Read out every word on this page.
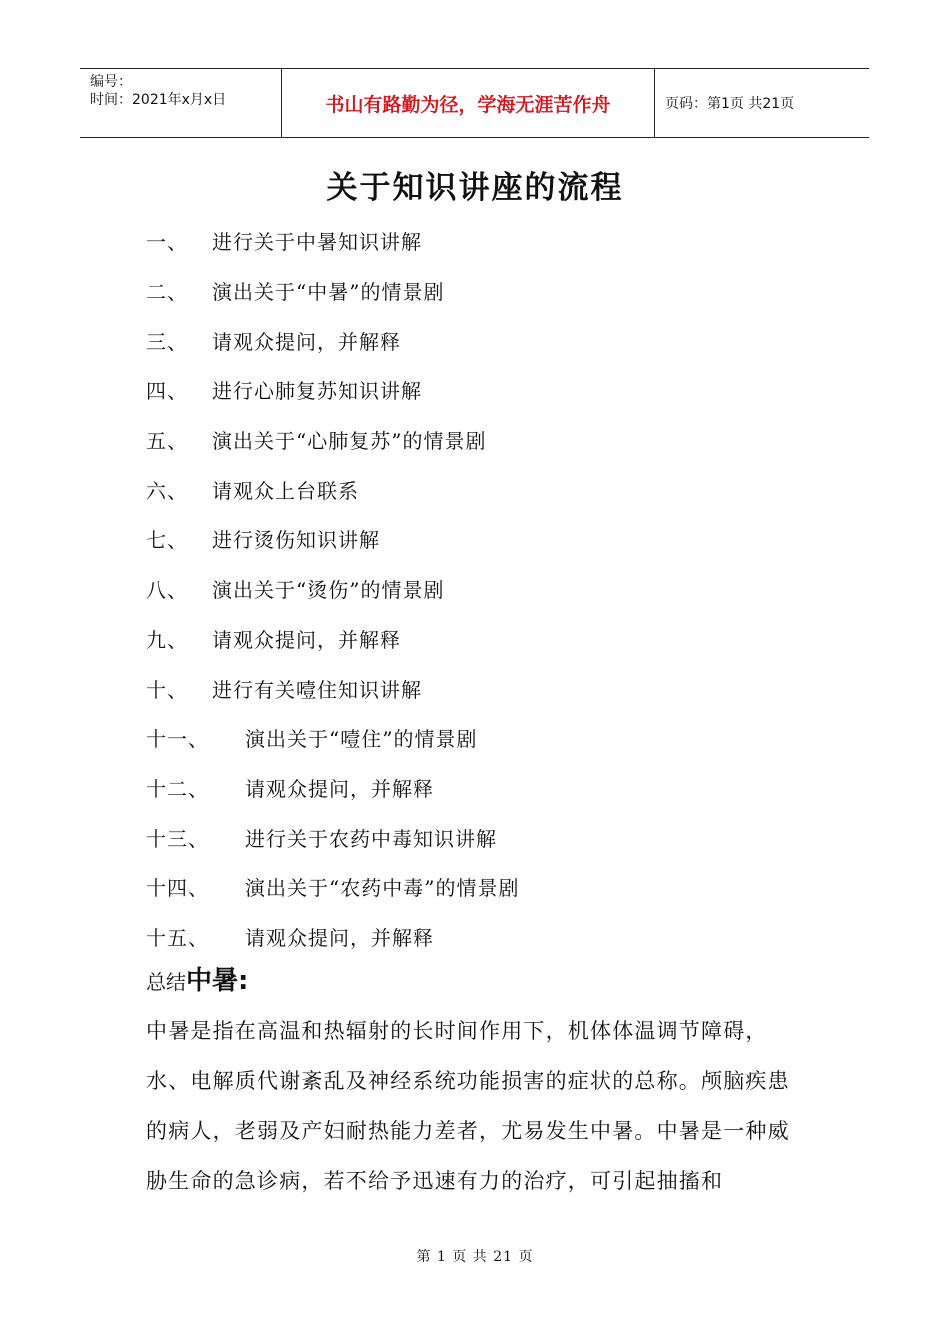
编号：
时间：2021年x月x日	书山有路勤为径，学海无涯苦作舟	页码：第1页 共21页
关于知识讲座的流程
一、	进行关于中暑知识讲解
二、	演出关于“中暑”的情景剧
三、	请观众提问，并解释
四、	进行心肺复苏知识讲解
五、	演出关于“心肺复苏”的情景剧
六、	请观众上台联系
七、	进行烫伤知识讲解
八、	演出关于“烫伤”的情景剧
九、	请观众提问，并解释
十、	进行有关噎住知识讲解
十一、	演出关于“噎住”的情景剧
十二、	请观众提问，并解释
十三、	进行关于农药中毒知识讲解
十四、	演出关于“农药中毒”的情景剧
十五、	请观众提问，并解释
总结 中暑:
中暑是指在高温和热辐射的长时间作用下，机体体温调节障碍，水、电解质代谢紊乱及神经系统功能损害的症状的总称。颅脑疾患的病人，老弱及产妇耐热能力差者，尤易发生中暑。中暑是一种威胁生命的急诊病，若不给予迅速有力的治疗，可引起抽搐和
第 1 页 共 21 页
